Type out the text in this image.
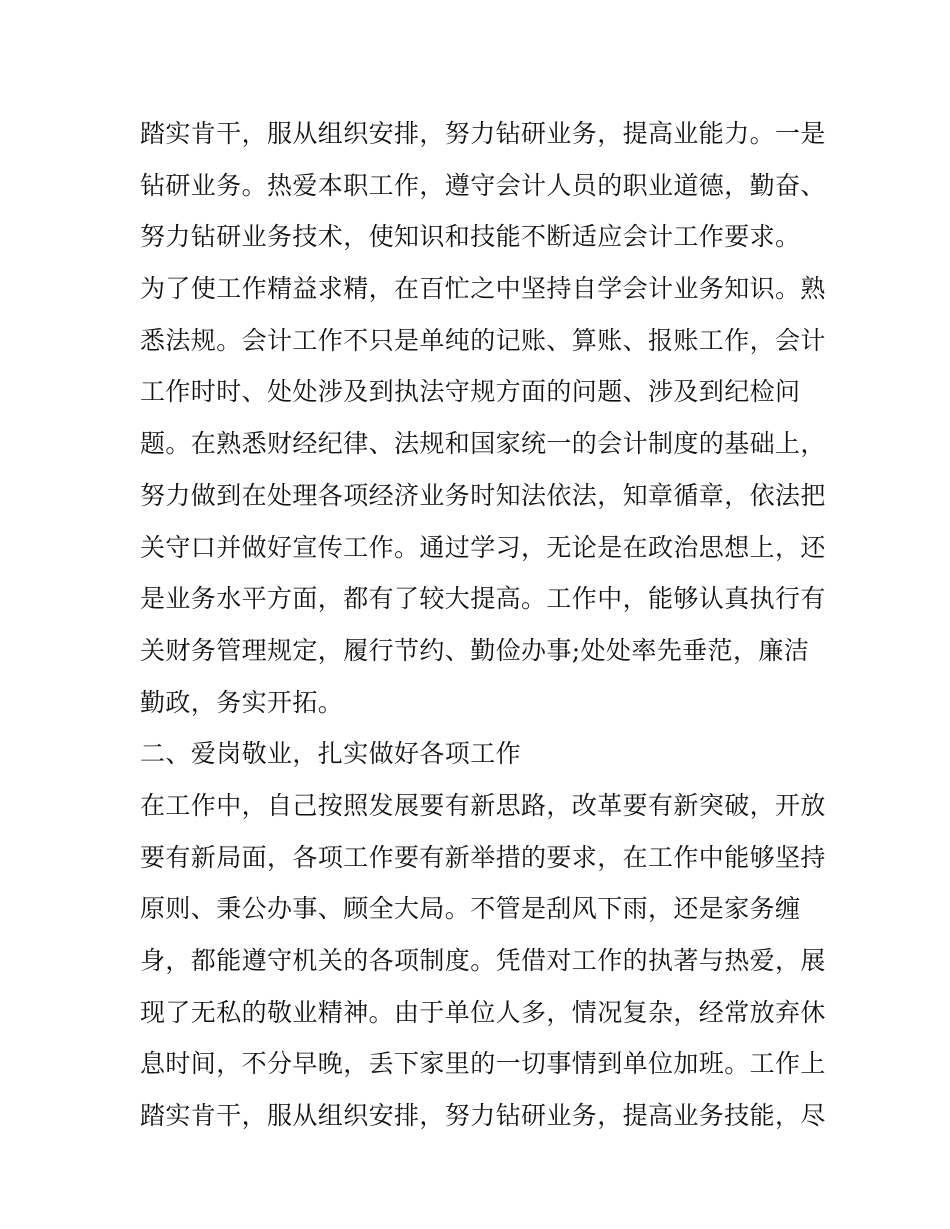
踏实肯干，服从组织安排，努力钻研业务，提高业能力。一是
钻研业务。热爱本职工作，遵守会计人员的职业道德，勤奋、
努力钻研业务技术，使知识和技能不断适应会计工作要求。
为了使工作精益求精，在百忙之中坚持自学会计业务知识。熟
悉法规。会计工作不只是单纯的记账、算账、报账工作，会计
工作时时、处处涉及到执法守规方面的问题、涉及到纪检问
题。在熟悉财经纪律、法规和国家统一的会计制度的基础上，
努力做到在处理各项经济业务时知法依法，知章循章，依法把
关守口并做好宣传工作。通过学习，无论是在政治思想上，还
是业务水平方面，都有了较大提高。工作中，能够认真执行有
关财务管理规定，履行节约、勤俭办事;处处率先垂范，廉洁
勤政，务实开拓。
二、爱岗敬业，扎实做好各项工作
在工作中，自己按照发展要有新思路，改革要有新突破，开放
要有新局面，各项工作要有新举措的要求，在工作中能够坚持
原则、秉公办事、顾全大局。不管是刮风下雨，还是家务缠
身，都能遵守机关的各项制度。凭借对工作的执著与热爱，展
现了无私的敬业精神。由于单位人多，情况复杂，经常放弃休
息时间，不分早晚，丢下家里的一切事情到单位加班。工作上
踏实肯干，服从组织安排，努力钻研业务，提高业务技能，尽
